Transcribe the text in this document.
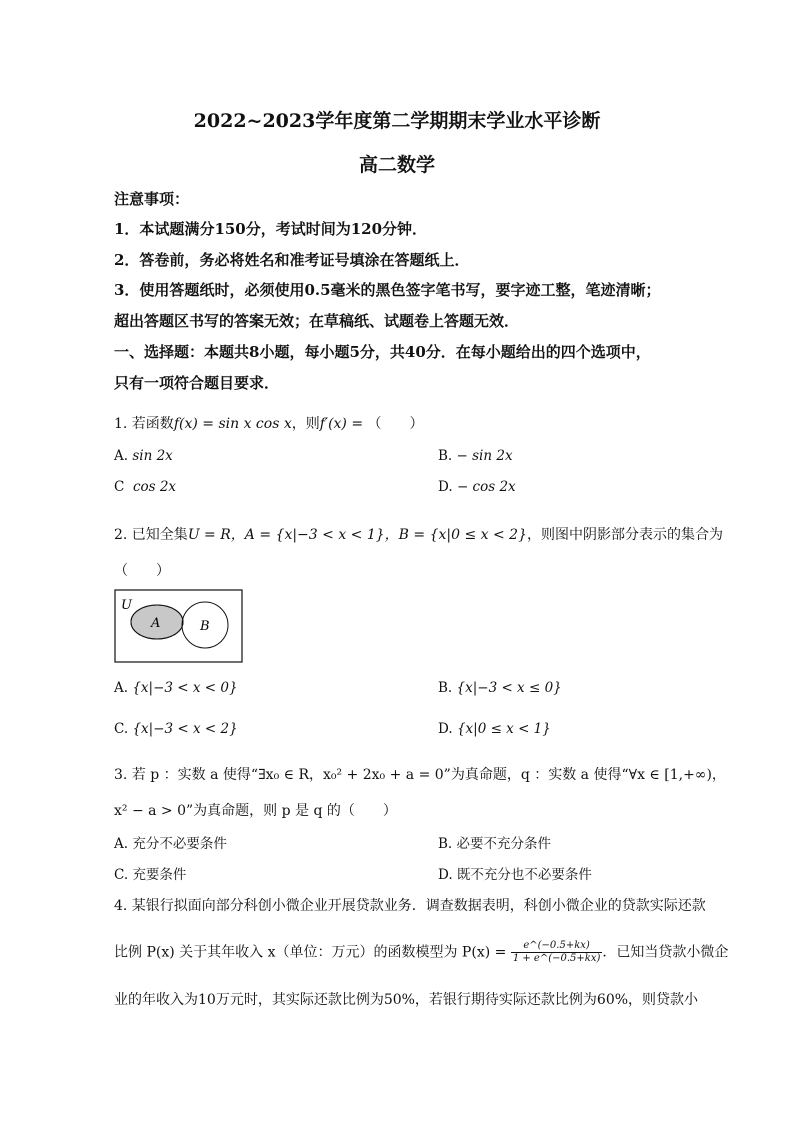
2022~2023学年度第二学期期末学业水平诊断
高二数学
注意事项：
1．本试题满分150分，考试时间为120分钟．
2．答卷前，务必将姓名和准考证号填涂在答题纸上．
3．使用答题纸时，必须使用0.5毫米的黑色签字笔书写，要字迹工整，笔迹清晰；
超出答题区书写的答案无效；在草稿纸、试题卷上答题无效．
一、选择题：本题共8小题，每小题5分，共40分．在每小题给出的四个选项中，
只有一项符合题目要求．
1. 若函数f(x) = sin x cos x，则f′(x) = （　　）
A. sin 2x	B. − sin 2x
C cos 2x	D. − cos 2x
2. 已知全集U = R，A = {x|−3 < x < 1}，B = {x|0 ≤ x < 2}，则图中阴影部分表示的集合为
（　　）
U
A	B
A. {x|−3 < x < 0}	B. {x|−3 < x ≤ 0}
C. {x|−3 < x < 2}	D. {x|0 ≤ x < 1}
3. 若 p ：实数 a 使得“∃x₀ ∈ R，x₀² + 2x₀ + a = 0”为真命题，q ：实数 a 使得“∀x ∈ [1,+∞)，
x² − a > 0”为真命题，则 p 是 q 的（　　）
A. 充分不必要条件	B. 必要不充分条件
C. 充要条件	D. 既不充分也不必要条件
4. 某银行拟面向部分科创小微企业开展贷款业务．调查数据表明，科创小微企业的贷款实际还款
比例 P(x) 关于其年收入 x（单位：万元）的函数模型为 $P(x) = \frac{e\^{}(-0.5+kx)}{1 + e\^{}(-0.5+kx)}$ ．已知当贷款小微企
业的年收入为10万元时，其实际还款比例为50%，若银行期待实际还款比例为60%，则贷款小
